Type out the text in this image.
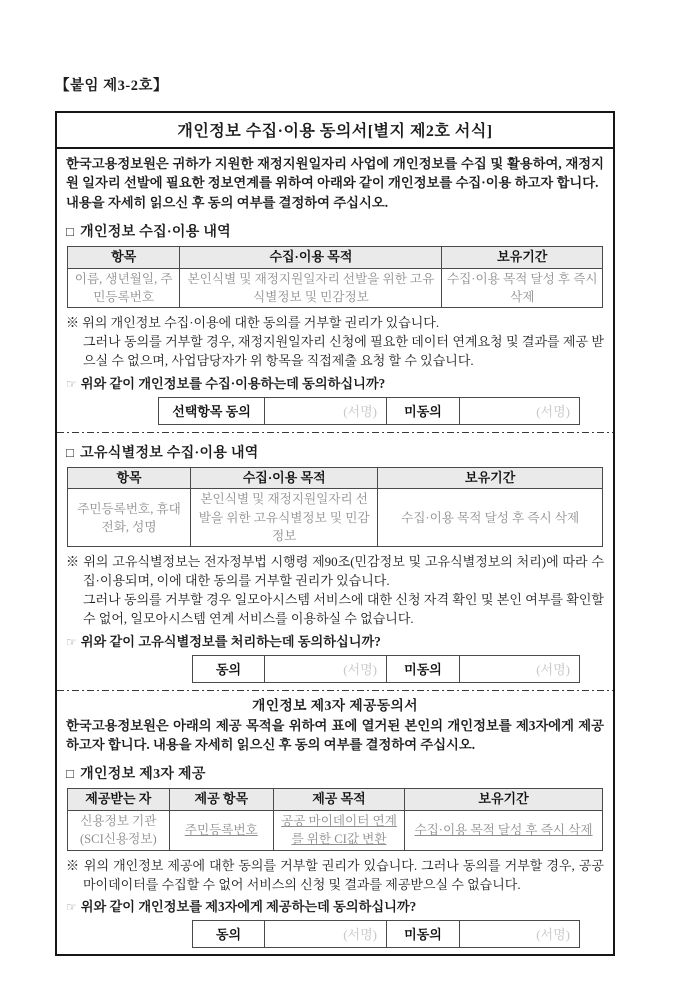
【붙임 제3-2호】
개인정보 수집·이용 동의서[별지 제2호 서식]
한국고용정보원은 귀하가 지원한 재정지원일자리 사업에 개인정보를 수집 및 활용하여, 재정지원 일자리 선발에 필요한 정보연계를 위하여 아래와 같이 개인정보를 수집·이용 하고자 합니다.
내용을 자세히 읽으신 후 동의 여부를 결정하여 주십시오.
□ 개인정보 수집·이용 내역
항목	수집·이용 목적	보유기간
이름, 생년월일, 주민등록번호	본인식별 및 재정지원일자리 선발을 위한 고유식별정보 및 민감정보	수집·이용 목적 달성 후 즉시 삭제
※ 위의 개인정보 수집·이용에 대한 동의를 거부할 권리가 있습니다.
그러나 동의를 거부할 경우, 재정지원일자리 신청에 필요한 데이터 연계요청 및 결과를 제공 받으실 수 없으며, 사업담당자가 위 항목을 직접제출 요청 할 수 있습니다.
☞ 위와 같이 개인정보를 수집·이용하는데 동의하십니까?
선택항목 동의	(서명)	미동의	(서명)
□ 고유식별정보 수집·이용 내역
항목	수집·이용 목적	보유기간
주민등록번호, 휴대전화, 성명	본인식별 및 재정지원일자리 선발을 위한 고유식별정보 및 민감정보	수집·이용 목적 달성 후 즉시 삭제
※ 위의 고유식별정보는 전자정부법 시행령 제90조(민감정보 및 고유식별정보의 처리)에 따라 수집·이용되며, 이에 대한 동의를 거부할 권리가 있습니다.
그러나 동의를 거부할 경우 일모아시스템 서비스에 대한 신청 자격 확인 및 본인 여부를 확인할 수 없어, 일모아시스템 연계 서비스를 이용하실 수 없습니다.
☞ 위와 같이 고유식별정보를 처리하는데 동의하십니까?
동의	(서명)	미동의	(서명)
개인정보 제3자 제공동의서
한국고용정보원은 아래의 제공 목적을 위하여 표에 열거된 본인의 개인정보를 제3자에게 제공 하고자 합니다. 내용을 자세히 읽으신 후 동의 여부를 결정하여 주십시오.
□ 개인정보 제3자 제공
제공받는 자	제공 항목	제공 목적	보유기간
신용정보 기관(SCI신용정보)	주민등록번호	공공 마이데이터 연계를 위한 CI값 변환	수집·이용 목적 달성 후 즉시 삭제
※ 위의 개인정보 제공에 대한 동의를 거부할 권리가 있습니다. 그러나 동의를 거부할 경우, 공공 마이데이터를 수집할 수 없어 서비스의 신청 및 결과를 제공받으실 수 없습니다.
☞ 위와 같이 개인정보를 제3자에게 제공하는데 동의하십니까?
동의	(서명)	미동의	(서명)
